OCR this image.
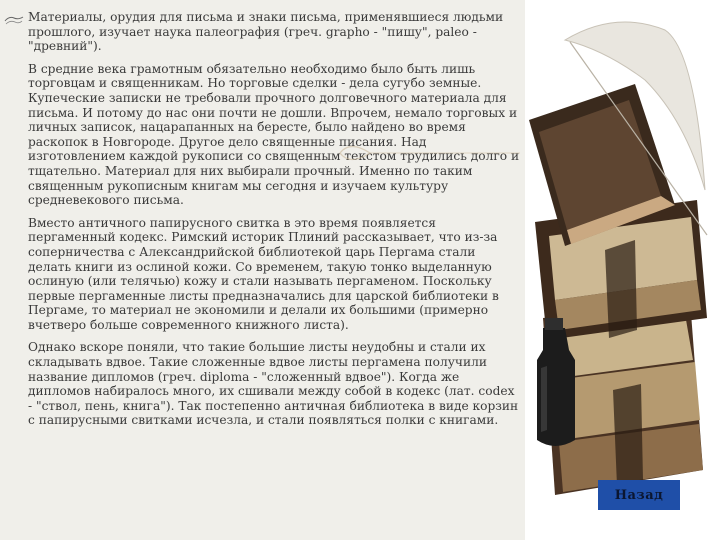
Материалы, орудия для письма и знаки письма, применявшиеся людьми прошлого, изучает наука палеография (греч. grapho - "пишу", paleo - "древний").

В средние века грамотным обязательно необходимо было быть лишь торговцам и священникам. Но торговые сделки - дела сугубо земные. Купеческие записки не требовали прочного долговечного материала для письма. И потому до нас они почти не дошли. Впрочем, немало торговых и личных записок, нацарапанных на бересте, было найдено во время раскопок в Новгороде. Другое дело священные писания. Над изготовлением каждой рукописи со священным текстом трудились долго и тщательно. Материал для них выбирали прочный. Именно по таким священным рукописным книгам мы сегодня и изучаем культуру средневекового письма.

Вместо античного папирусного свитка в это время появляется пергаменный кодекс. Римский историк Плиний рассказывает, что из-за соперничества с Александрийской библиотекой царь Пергама стали делать книги из ослиной кожи. Со временем, такую тонко выделанную ослиную (или телячью) кожу и стали называть пергаменом. Поскольку первые пергаменные листы предназначались для царской библиотеки в Пергаме, то материал не экономили и делали их большими (примерно вчетверо больше современного книжного листа).

Однако вскоре поняли, что такие большие листы неудобны и стали их складывать вдвое. Такие сложенные вдвое листы пергамена получили название дипломов (греч. diploma - "сложенный вдвое"). Когда же дипломов набиралось много, их сшивали между собой в кодекс (лат. codex - "ствол, пень, книга"). Так постепенно античная библиотека в виде корзин с папирусными свитками исчезла, и стали появляться полки с книгами.

Назад
